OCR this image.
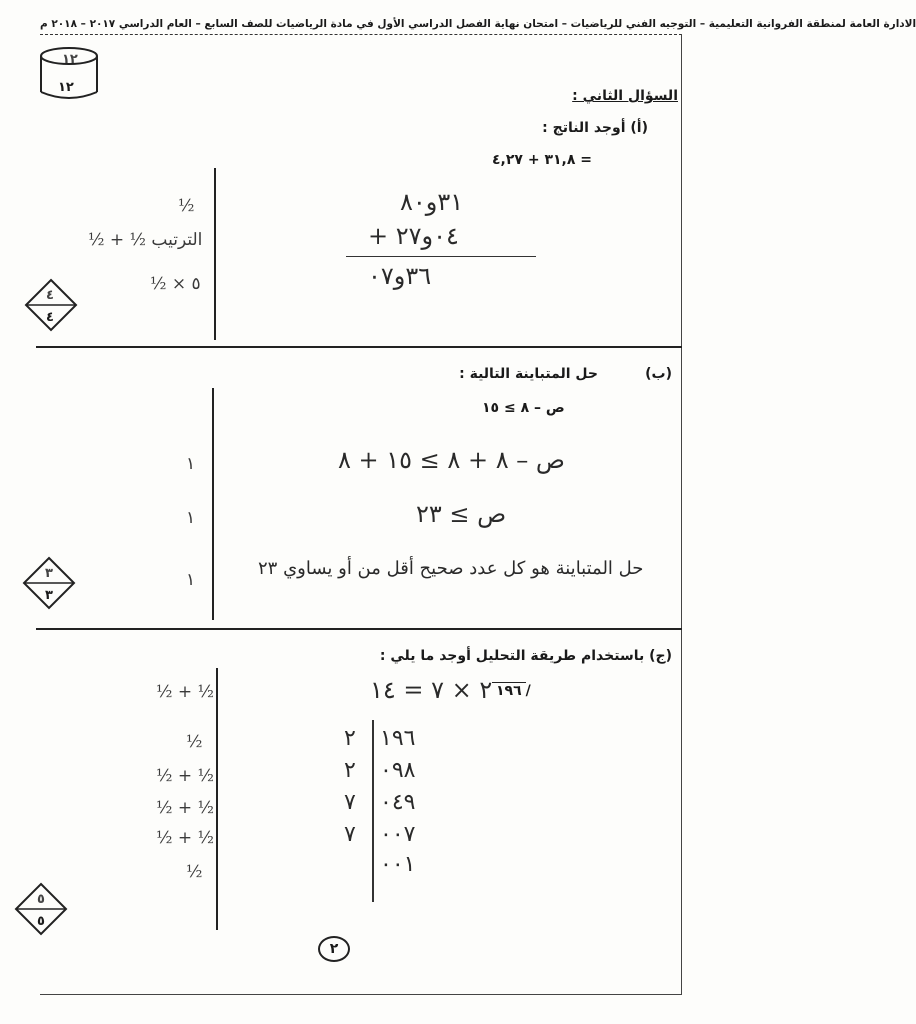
الادارة العامة لمنطقة الفروانية التعليمية – التوجيه الفني للرياضيات – امتحان نهاية الفصل الدراسي الأول في مادة الرياضيات للصف السابع – العام الدراسي ٢٠١٧ – ٢٠١٨ م
١٢
١٢
السؤال الثاني :
(أ) أوجد الناتج :
٣١,٨ + ٤,٢٧ =
٣١و٨٠
+ ٠٤و٢٧
٣٦و٠٧
½
½ + ½ الترتيب
½ × ٥
٤
٤
(ب)
حل المتباينة التالية :
ص – ٨ ≥ ١٥
ص – ٨ + ٨ ≥ ١٥ + ٨
ص ≥ ٢٣
حل المتباينة هو كل عدد صحيح أقل من أو يساوي ٢٣
١
١
١
٣
٣
(ج) باستخدام طريقة التحليل أوجد ما يلي :
١٩٦ /
٢ × ٧ = ١٤
٢
٢
٧
٧
١٩٦
٠٩٨
٠٤٩
٠٠٧
٠٠١
½ + ½
½
½ + ½
½ + ½
½ + ½
½
٥
٥
٢
